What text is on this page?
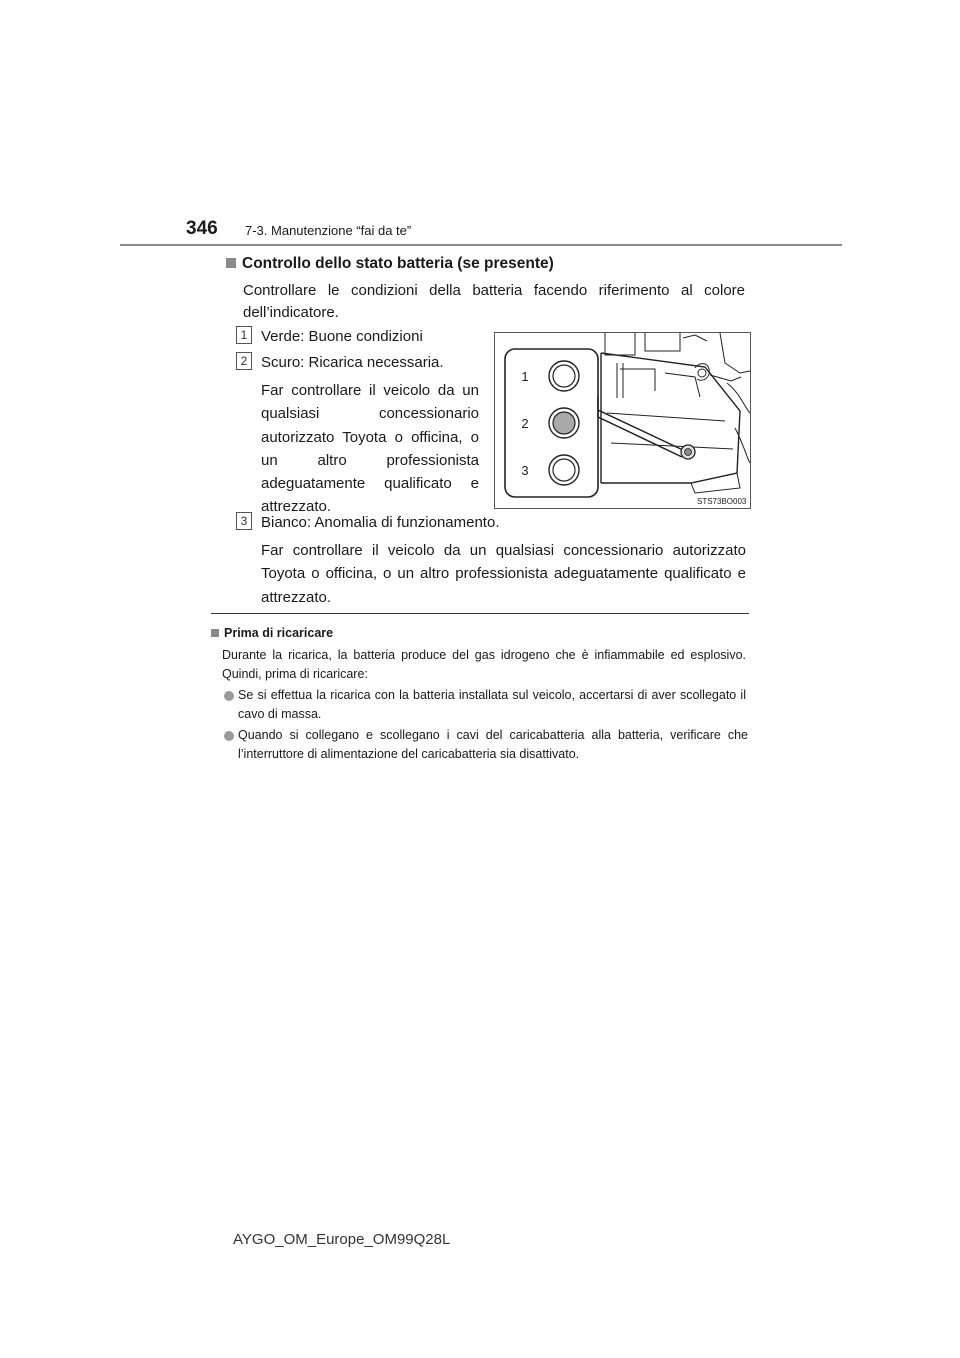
346 7-3. Manutenzione “fai da te”
Controllo dello stato batteria (se presente)
Controllare le condizioni della batteria facendo riferimento al colore dell’indicatore.
1 Verde: Buone condizioni
2 Scuro: Ricarica necessaria.
Far controllare il veicolo da un qualsiasi concessionario autorizzato Toyota o officina, o un altro professionista adeguatamente qualificato e attrezzato.
1
2
3
STS73BO003
3 Bianco: Anomalia di funzionamento.
Far controllare il veicolo da un qualsiasi concessionario autorizzato Toyota o officina, o un altro professionista adeguatamente qualificato e attrezzato.
Prima di ricaricare
Durante la ricarica, la batteria produce del gas idrogeno che è infiammabile ed esplosivo. Quindi, prima di ricaricare:
Se si effettua la ricarica con la batteria installata sul veicolo, accertarsi di aver scollegato il cavo di massa.
Quando si collegano e scollegano i cavi del caricabatteria alla batteria, verificare che l’interruttore di alimentazione del caricabatteria sia disattivato.
AYGO_OM_Europe_OM99Q28L
